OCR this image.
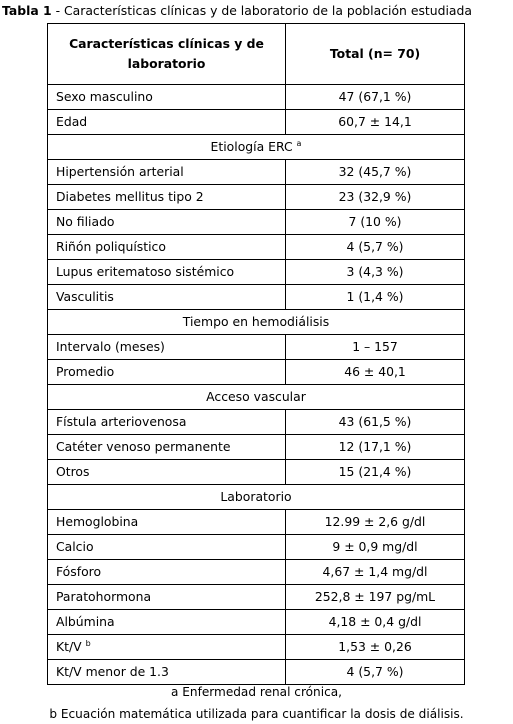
Tabla 1 - Características clínicas y de laboratorio de la población estudiada
Características clínicas y de laboratorio	Total (n= 70)
Sexo masculino	47 (67,1 %)
Edad	60,7 ± 14,1
Etiología ERC $^a$
Hipertensión arterial	32 (45,7 %)
Diabetes mellitus tipo 2	23 (32,9 %)
No filiado	7 (10 %)
Riñón poliquístico	4 (5,7 %)
Lupus eritematoso sistémico	3 (4,3 %)
Vasculitis	1 (1,4 %)
Tiempo en hemodiálisis	
Intervalo (meses)	1 – 157
Promedio	46 ± 40,1
Acceso vascular	
Fístula arteriovenosa	43 (61,5 %)
Catéter venoso permanente	12 (17,1 %)
Otros	15 (21,4 %)
Laboratorio	
Hemoglobina	12.99 ± 2,6 g/dl
Calcio	9 ± 0,9 mg/dl
Fósforo	4,67 ± 1,4 mg/dl
Paratohormona	252,8 ± 197 pg/mL
Albúmina	4,18 ± 0,4 g/dl
Kt/V $^b$	1,53 ± 0,26
Kt/V menor de 1.3	4 (5,7 %)
a Enfermedad renal crónica,
b Ecuación matemática utilizada para cuantificar la dosis de diálisis.
